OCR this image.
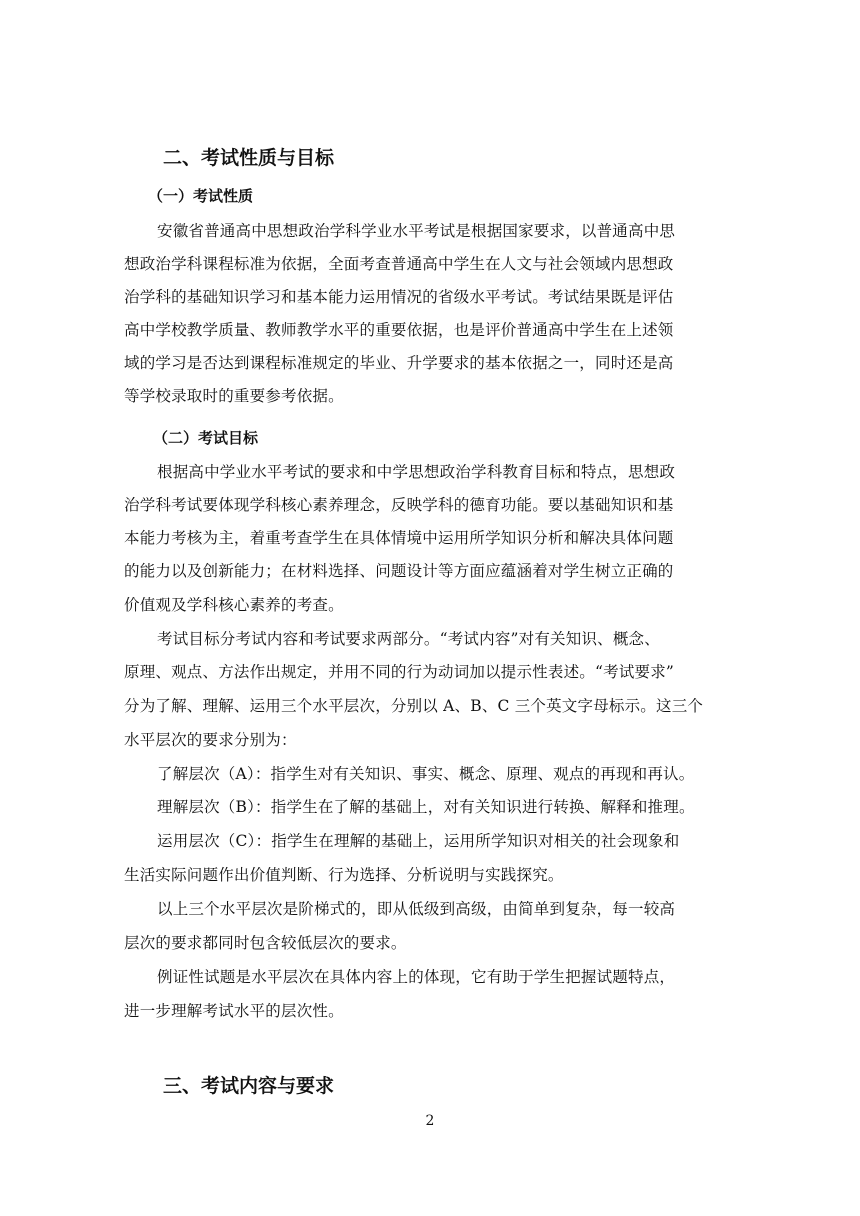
二、考试性质与目标
（一）考试性质
安徽省普通高中思想政治学科学业水平考试是根据国家要求，以普通高中思
想政治学科课程标准为依据，全面考查普通高中学生在人文与社会领域内思想政
治学科的基础知识学习和基本能力运用情况的省级水平考试。考试结果既是评估
高中学校教学质量、教师教学水平的重要依据，也是评价普通高中学生在上述领
域的学习是否达到课程标准规定的毕业、升学要求的基本依据之一，同时还是高
等学校录取时的重要参考依据。
（二）考试目标
根据高中学业水平考试的要求和中学思想政治学科教育目标和特点，思想政
治学科考试要体现学科核心素养理念，反映学科的德育功能。要以基础知识和基
本能力考核为主，着重考查学生在具体情境中运用所学知识分析和解决具体问题
的能力以及创新能力；在材料选择、问题设计等方面应蕴涵着对学生树立正确的
价值观及学科核心素养的考查。
考试目标分考试内容和考试要求两部分。“考试内容”对有关知识、概念、
原理、观点、方法作出规定，并用不同的行为动词加以提示性表述。“考试要求”
分为了解、理解、运用三个水平层次，分别以 A、B、C 三个英文字母标示。这三个
水平层次的要求分别为：
了解层次（A）：指学生对有关知识、事实、概念、原理、观点的再现和再认。
理解层次（B）：指学生在了解的基础上，对有关知识进行转换、解释和推理。
运用层次（C）：指学生在理解的基础上，运用所学知识对相关的社会现象和
生活实际问题作出价值判断、行为选择、分析说明与实践探究。
以上三个水平层次是阶梯式的，即从低级到高级，由简单到复杂，每一较高
层次的要求都同时包含较低层次的要求。
例证性试题是水平层次在具体内容上的体现，它有助于学生把握试题特点，
进一步理解考试水平的层次性。
三、考试内容与要求
2
